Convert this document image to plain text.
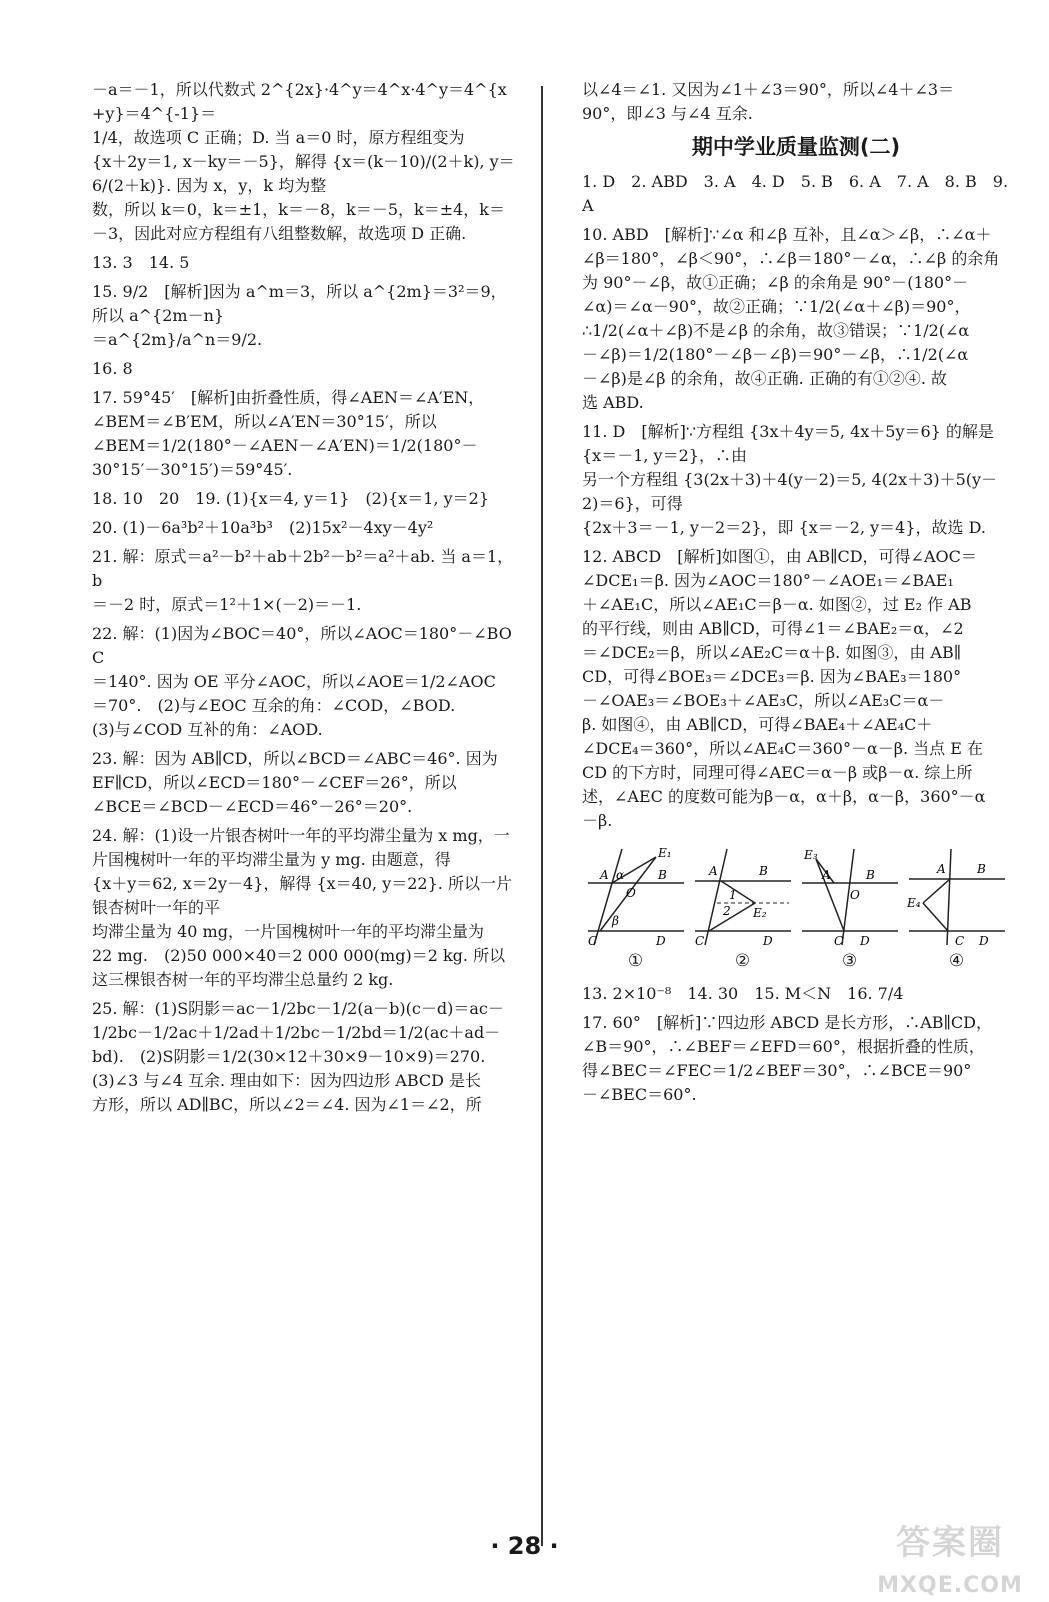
－a＝－1，所以代数式 2^{2x}·4^y＝4^x·4^y＝4^{x+y}＝4^{-1}＝

1/4，故选项 C 正确；D. 当 a＝0 时，原方程组变为

{x＋2y＝1, x－ky＝－5}，解得 {x＝(k－10)/(2＋k), y＝6/(2＋k)}. 因为 x，y，k 均为整

数，所以 k＝0，k＝±1，k＝－8，k＝－5，k＝±4，k＝

－3，因此对应方程组有八组整数解，故选项 D 正确.

13. 3　14. 5

15. 9/2　[解析]因为 a^m＝3，所以 a^{2m}＝3²＝9，所以 a^{2m－n}

＝a^{2m}/a^n＝9/2.

16. 8

17. 59°45′　[解析]由折叠性质，得∠AEN＝∠A′EN，

∠BEM＝∠B′EM，所以∠A′EN＝30°15′，所以

∠BEM＝1/2(180°－∠AEN－∠A′EN)＝1/2(180°－

30°15′－30°15′)＝59°45′.

18. 10　20　19. (1){x＝4, y＝1}　(2){x＝1, y＝2}

20. (1)－6a³b²＋10a³b³　(2)15x²－4xy－4y²

21. 解：原式＝a²－b²＋ab＋2b²－b²＝a²＋ab. 当 a＝1，b

＝－2 时，原式＝1²＋1×(－2)＝－1.

22. 解：(1)因为∠BOC＝40°，所以∠AOC＝180°－∠BOC

＝140°. 因为 OE 平分∠AOC，所以∠AOE＝1/2∠AOC

＝70°.　(2)与∠EOC 互余的角：∠COD，∠BOD.

(3)与∠COD 互补的角：∠AOD.

23. 解：因为 AB∥CD，所以∠BCD＝∠ABC＝46°. 因为

EF∥CD，所以∠ECD＝180°－∠CEF＝26°，所以

∠BCE＝∠BCD－∠ECD＝46°－26°＝20°.

24. 解：(1)设一片银杏树叶一年的平均滞尘量为 x mg，一

片国槐树叶一年的平均滞尘量为 y mg. 由题意，得

{x＋y＝62, x＝2y－4}，解得 {x＝40, y＝22}. 所以一片银杏树叶一年的平

均滞尘量为 40 mg，一片国槐树叶一年的平均滞尘量为

22 mg.　(2)50 000×40＝2 000 000(mg)＝2 kg. 所以

这三棵银杏树一年的平均滞尘总量约 2 kg.

25. 解：(1)S阴影＝ac－1/2bc－1/2(a－b)(c－d)＝ac－

1/2bc－1/2ac＋1/2ad＋1/2bc－1/2bd＝1/2(ac＋ad－

bd).　(2)S阴影＝1/2(30×12＋30×9－10×9)＝270.

(3)∠3 与∠4 互余. 理由如下：因为四边形 ABCD 是长

方形，所以 AD∥BC，所以∠2＝∠4. 因为∠1＝∠2，所

以∠4＝∠1. 又因为∠1＋∠3＝90°，所以∠4＋∠3＝

90°，即∠3 与∠4 互余.

期中学业质量监测(二)

1. D　2. ABD　3. A　4. D　5. B　6. A　7. A　8. B　9. A

10. ABD　[解析]∵∠α 和∠β 互补，且∠α＞∠β，∴∠α＋

∠β＝180°，∠β＜90°，∴∠β＝180°－∠α，∴∠β 的余角

为 90°－∠β，故①正确；∠β 的余角是 90°－(180°－

∠α)＝∠α－90°，故②正确；∵1/2(∠α＋∠β)＝90°，

∴1/2(∠α＋∠β)不是∠β 的余角，故③错误；∵1/2(∠α

－∠β)＝1/2(180°－∠β－∠β)＝90°－∠β，∴1/2(∠α

－∠β)是∠β 的余角，故④正确. 正确的有①②④. 故

选 ABD.

11. D　[解析]∵方程组 {3x＋4y＝5, 4x＋5y＝6} 的解是 {x＝－1, y＝2}，∴由

另一个方程组 {3(2x＋3)＋4(y－2)＝5, 4(2x＋3)＋5(y－2)＝6}，可得

{2x＋3＝－1, y－2＝2}，即 {x＝－2, y＝4}，故选 D.

12. ABCD　[解析]如图①，由 AB∥CD，可得∠AOC＝

∠DCE₁＝β. 因为∠AOC＝180°－∠AOE₁＝∠BAE₁

＋∠AE₁C，所以∠AE₁C＝β－α. 如图②，过 E₂ 作 AB

的平行线，则由 AB∥CD，可得∠1＝∠BAE₂＝α，∠2

＝∠DCE₂＝β，所以∠AE₂C＝α＋β. 如图③，由 AB∥

CD，可得∠BOE₃＝∠DCE₃＝β. 因为∠BAE₃＝180°

－∠OAE₃＝∠BOE₃＋∠AE₃C，所以∠AE₃C＝α－

β. 如图④，由 AB∥CD，可得∠BAE₄＋∠AE₄C＋

∠DCE₄＝360°，所以∠AE₄C＝360°－α－β. 当点 E 在

CD 的下方时，同理可得∠AEC＝α－β 或β－α. 综上所

述，∠AEC 的度数可能为β－α，α＋β，α－β，360°－α

－β.

E₁
A
O
B
α
β
C	D
①
A	B
1
2 E₂
C	D
②
E₃
A
O
B
C D
③
A	B
E₄
C D
④

13. 2×10⁻⁸　14. 30　15. M＜N　16. 7/4

17. 60°　[解析]∵四边形 ABCD 是长方形，∴AB∥CD，

∠B＝90°，∴∠BEF＝∠EFD＝60°，根据折叠的性质，

得∠BEC＝∠FEC＝1/2∠BEF＝30°，∴∠BCE＝90°

－∠BEC＝60°.

· 28 ·	答案圈
MXQE.COM
